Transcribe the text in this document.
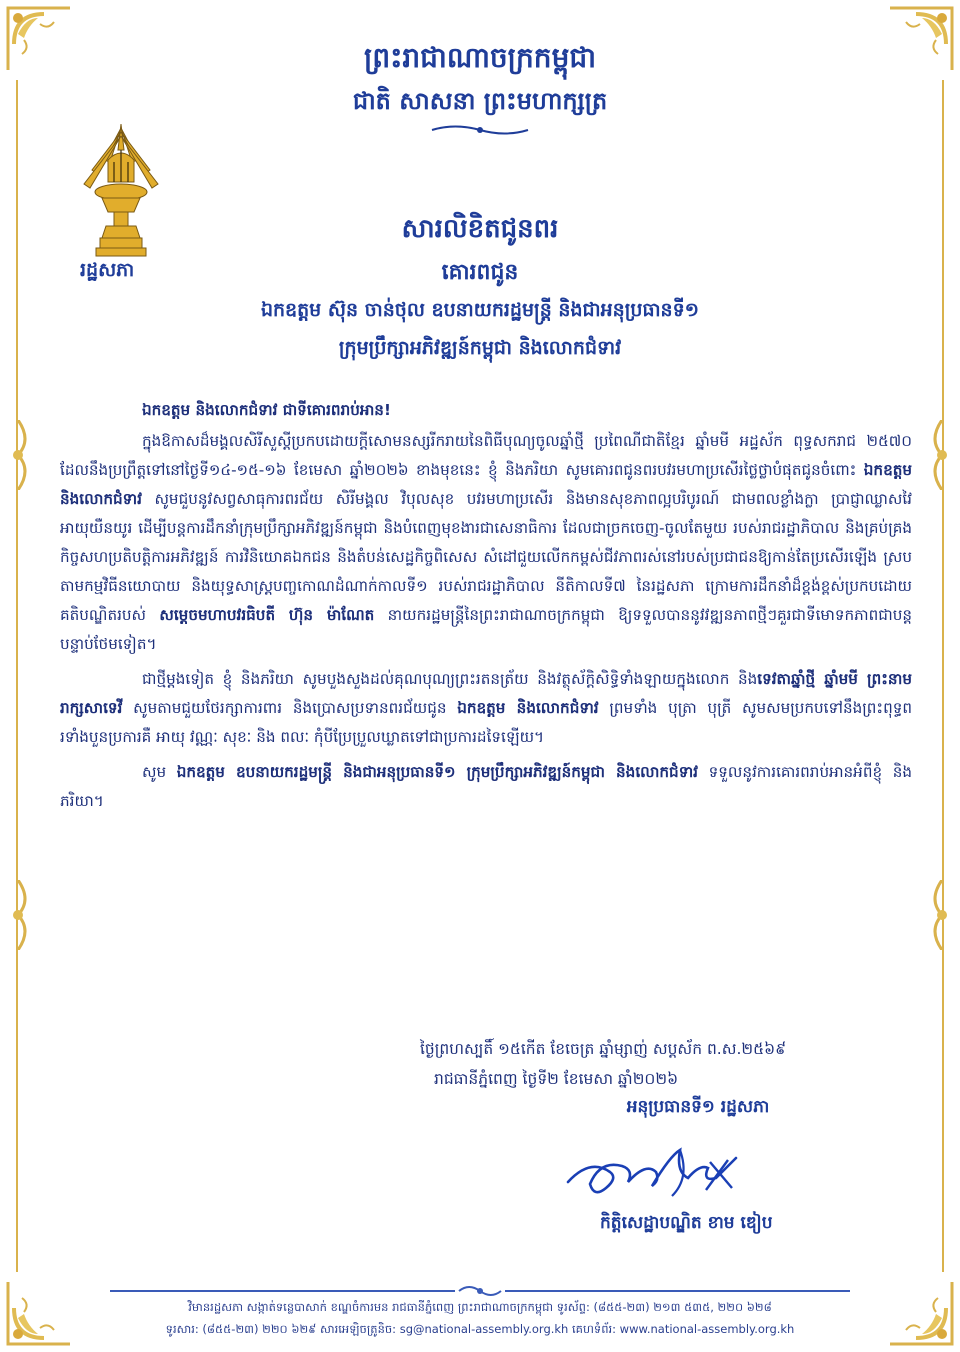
ព្រះរាជាណាចក្រកម្ពុជា
ជាតិ សាសនា ព្រះមហាក្សត្រ
រដ្ឋសភា
សារលិខិតជូនពរ
គោរពជូន
ឯកឧត្តម ស៊ុន ចាន់ថុល ឧបនាយករដ្ឋមន្ត្រី និងជាអនុប្រធានទី១
ក្រុមប្រឹក្សាអភិវឌ្ឍន៍កម្ពុជា និងលោកជំទាវ

ឯកឧត្តម និងលោកជំទាវ ជាទីគោរពរាប់អាន!

ក្នុងឱកាសដ៏មង្គលសិរីសួស្តីប្រកបដោយក្តីសោមនស្សរីករាយនៃពិធីបុណ្យចូលឆ្នាំថ្មី ប្រពៃណីជាតិខ្មែរ ឆ្នាំមមី អដ្ឋស័ក ពុទ្ធសករាជ ២៥៧០ ដែលនឹងប្រព្រឹត្តទៅនៅថ្ងៃទី១៤-១៥-១៦ ខែមេសា ឆ្នាំ២០២៦ ខាងមុខនេះ ខ្ញុំ និងភរិយា សូមគោរពជូនពរបវរមហាប្រសើរថ្លៃថ្លាបំផុតជូនចំពោះ ឯកឧត្តម និងលោកជំទាវ សូមជួបនូវសព្វសាធុការពរជ័យ សិរីមង្គល វិបុលសុខ បវរមហាប្រសើរ និងមានសុខភាពល្អបរិបូរណ៍ ជាមពលខ្លាំងក្លា ប្រាជ្ញាឈ្លាសវៃ អាយុយឺនយូរ ដើម្បីបន្តការដឹកនាំក្រុមប្រឹក្សាអភិវឌ្ឍន៍កម្ពុជា និងបំពេញមុខងារជាសេនាធិការ ដែលជាច្រកចេញ-ចូលតែមួយ របស់រាជរដ្ឋាភិបាល និងគ្រប់គ្រងកិច្ចសហប្រតិបត្តិការអភិវឌ្ឍន៍ ការវិនិយោគឯកជន និងតំបន់សេដ្ឋកិច្ចពិសេស សំដៅជួយលើកកម្ពស់ជីវភាពរស់នៅរបស់ប្រជាជនឱ្យកាន់តែប្រសើរឡើង ស្របតាមកម្មវិធីនយោបាយ និងយុទ្ធសាស្ត្របញ្ចកោណដំណាក់កាលទី១ របស់រាជរដ្ឋាភិបាល នីតិកាលទី៧ នៃរដ្ឋសភា ក្រោមការដឹកនាំដ៏ខ្ពង់ខ្ពស់ប្រកបដោយគតិបណ្ឌិតរបស់ សម្តេចមហាបវរធិបតី ហ៊ុន ម៉ាណែត នាយករដ្ឋមន្ត្រីនៃព្រះរាជាណាចក្រកម្ពុជា ឱ្យទទួលបាននូវវឌ្ឍនភាពថ្មីៗគួរជាទីមោទកភាពជាបន្តបន្ទាប់ថែមទៀត។

ជាថ្មីម្តងទៀត ខ្ញុំ និងភរិយា សូមបួងសួងដល់គុណបុណ្យព្រះរតនត្រ័យ និងវត្ថុស័ក្តិសិទ្ធិទាំងឡាយក្នុងលោក និងទេវតាឆ្នាំថ្មី ឆ្នាំមមី ព្រះនាម រាក្សសាទេវី សូមតាមជួយថែរក្សាការពារ និងប្រោសប្រទានពរជ័យជូន ឯកឧត្តម និងលោកជំទាវ ព្រមទាំង បុត្រា បុត្រី សូមសមប្រកបទៅនឹងព្រះពុទ្ធពរទាំងបួនប្រការគឺ អាយុ វណ្ណៈ សុខៈ និង ពលៈ កុំបីប្រែប្រួលឃ្លាតទៅជាប្រការដទៃឡើយ។

សូម ឯកឧត្តម ឧបនាយករដ្ឋមន្ត្រី និងជាអនុប្រធានទី១ ក្រុមប្រឹក្សាអភិវឌ្ឍន៍កម្ពុជា និងលោកជំទាវ ទទួលនូវការគោរពរាប់អានអំពីខ្ញុំ និងភរិយា។

ថ្ងៃព្រហស្បតិ៍ ១៥កើត ខែចេត្រ ឆ្នាំម្សាញ់ សប្តស័ក ព.ស.២៥៦៩
រាជធានីភ្នំពេញ ថ្ងៃទី២ ខែមេសា ឆ្នាំ២០២៦
អនុប្រធានទី១ រដ្ឋសភា
កិត្តិសេដ្ឋាបណ្ឌិត ខាម ឌៀប
វិមានរដ្ឋសភា សង្កាត់ទន្លេបាសាក់ ខណ្ឌចំការមន រាជធានីភ្នំពេញ ព្រះរាជាណាចក្រកម្ពុជា ទូរស័ព្ទ: (៨៥៥-២៣) ២១៣ ៥៣៥, ២២០ ៦២៨
ទូរសារ: (៨៥៥-២៣) ២២០ ៦២៩ សារអេឡិចត្រូនិច: sg@national-assembly.org.kh គេហទំព័រ: www.national-assembly.org.kh
